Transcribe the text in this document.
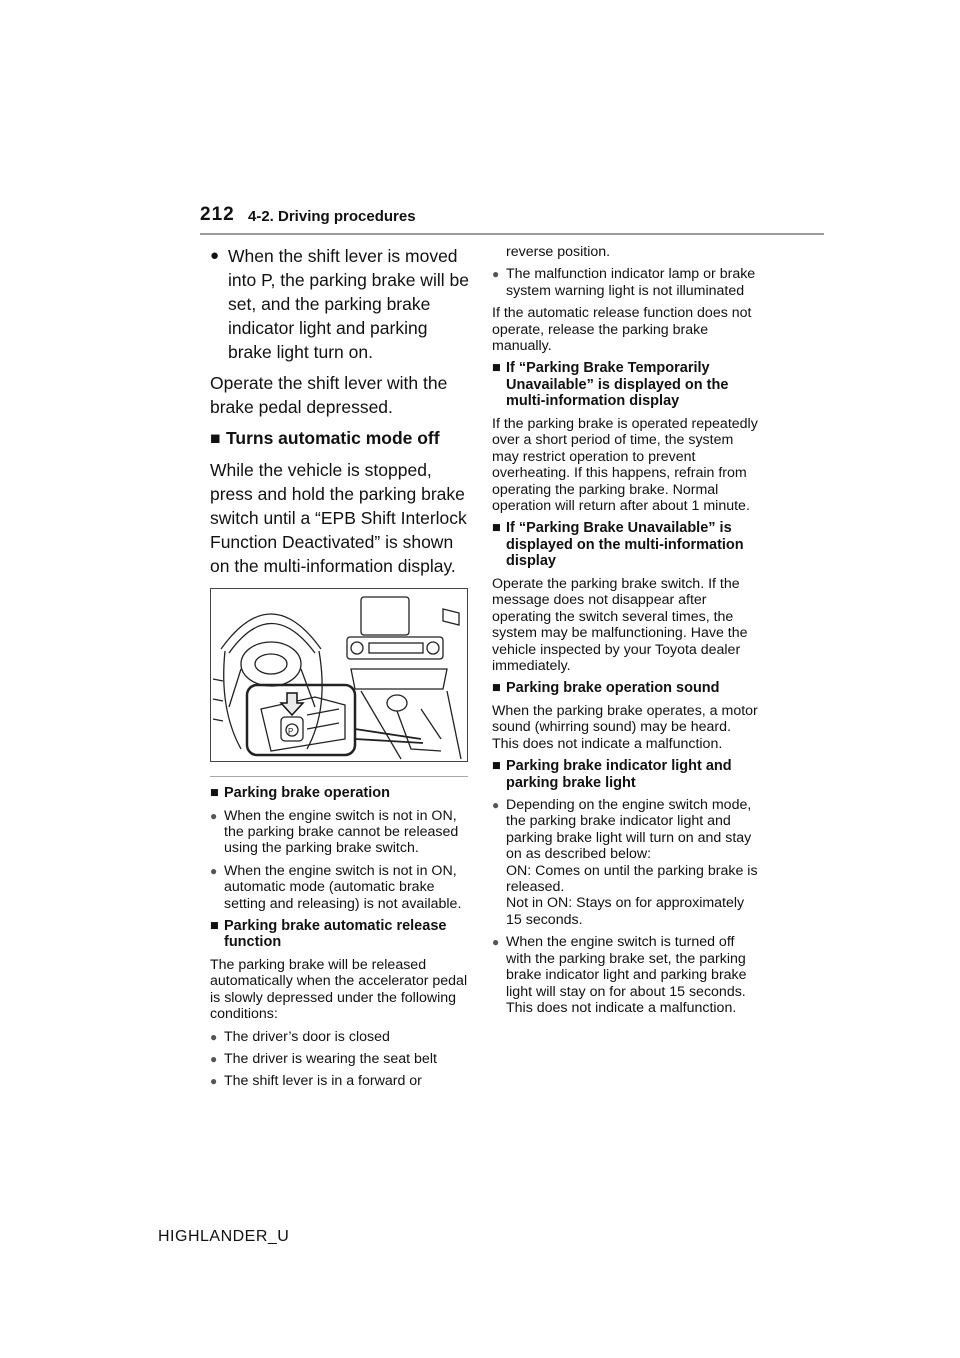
212 4-2. Driving procedures

● When the shift lever is moved into P, the parking brake will be set, and the parking brake indicator light and parking brake light turn on.

Operate the shift lever with the brake pedal depressed.

■ Turns automatic mode off

While the vehicle is stopped, press and hold the parking brake switch until a “EPB Shift Interlock Function Deactivated” is shown on the multi-information display.

P

■ Parking brake operation

● When the engine switch is not in ON, the parking brake cannot be released using the parking brake switch.

● When the engine switch is not in ON, automatic mode (automatic brake setting and releasing) is not available.

■ Parking brake automatic release function

The parking brake will be released automatically when the accelerator pedal is slowly depressed under the following conditions:

● The driver’s door is closed

● The driver is wearing the seat belt

● The shift lever is in a forward or

reverse position.

● The malfunction indicator lamp or brake system warning light is not illuminated

If the automatic release function does not operate, release the parking brake manually.

■ If “Parking Brake Temporarily Unavailable” is displayed on the multi-information display

If the parking brake is operated repeatedly over a short period of time, the system may restrict operation to prevent overheating. If this happens, refrain from operating the parking brake. Normal operation will return after about 1 minute.

■ If “Parking Brake Unavailable” is displayed on the multi-information display

Operate the parking brake switch. If the message does not disappear after operating the switch several times, the system may be malfunctioning. Have the vehicle inspected by your Toyota dealer immediately.

■ Parking brake operation sound

When the parking brake operates, a motor sound (whirring sound) may be heard. This does not indicate a malfunction.

■ Parking brake indicator light and parking brake light

● Depending on the engine switch mode, the parking brake indicator light and parking brake light will turn on and stay on as described below:
ON: Comes on until the parking brake is released.
Not in ON: Stays on for approximately 15 seconds.

● When the engine switch is turned off with the parking brake set, the parking brake indicator light and parking brake light will stay on for about 15 seconds. This does not indicate a malfunction.

HIGHLANDER_U
